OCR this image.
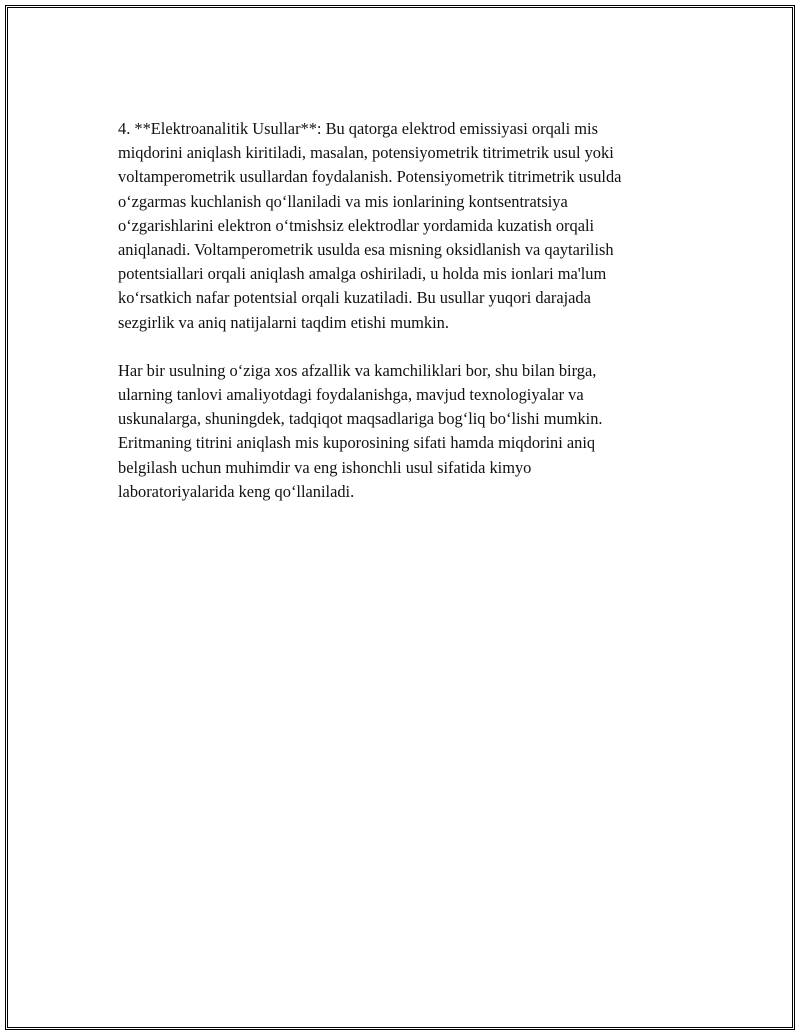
4. **Elektroanalitik Usullar**: Bu qatorga elektrod emissiyasi orqali mis
miqdorini aniqlash kiritiladi, masalan, potensiyometrik titrimetrik usul yoki
voltamperometrik usullardan foydalanish. Potensiyometrik titrimetrik usulda
o‘zgarmas kuchlanish qo‘llaniladi va mis ionlarining kontsentratsiya
o‘zgarishlarini elektron o‘tmishsiz elektrodlar yordamida kuzatish orqali
aniqlanadi. Voltamperometrik usulda esa misning oksidlanish va qaytarilish
potentsiallari orqali aniqlash amalga oshiriladi, u holda mis ionlari ma'lum
ko‘rsatkich nafar potentsial orqali kuzatiladi. Bu usullar yuqori darajada
sezgirlik va aniq natijalarni taqdim etishi mumkin.

Har bir usulning o‘ziga xos afzallik va kamchiliklari bor, shu bilan birga,
ularning tanlovi amaliyotdagi foydalanishga, mavjud texnologiyalar va
uskunalarga, shuningdek, tadqiqot maqsadlariga bog‘liq bo‘lishi mumkin.
Eritmaning titrini aniqlash mis kuporosining sifati hamda miqdorini aniq
belgilash uchun muhimdir va eng ishonchli usul sifatida kimyo
laboratoriyalarida keng qo‘llaniladi.
